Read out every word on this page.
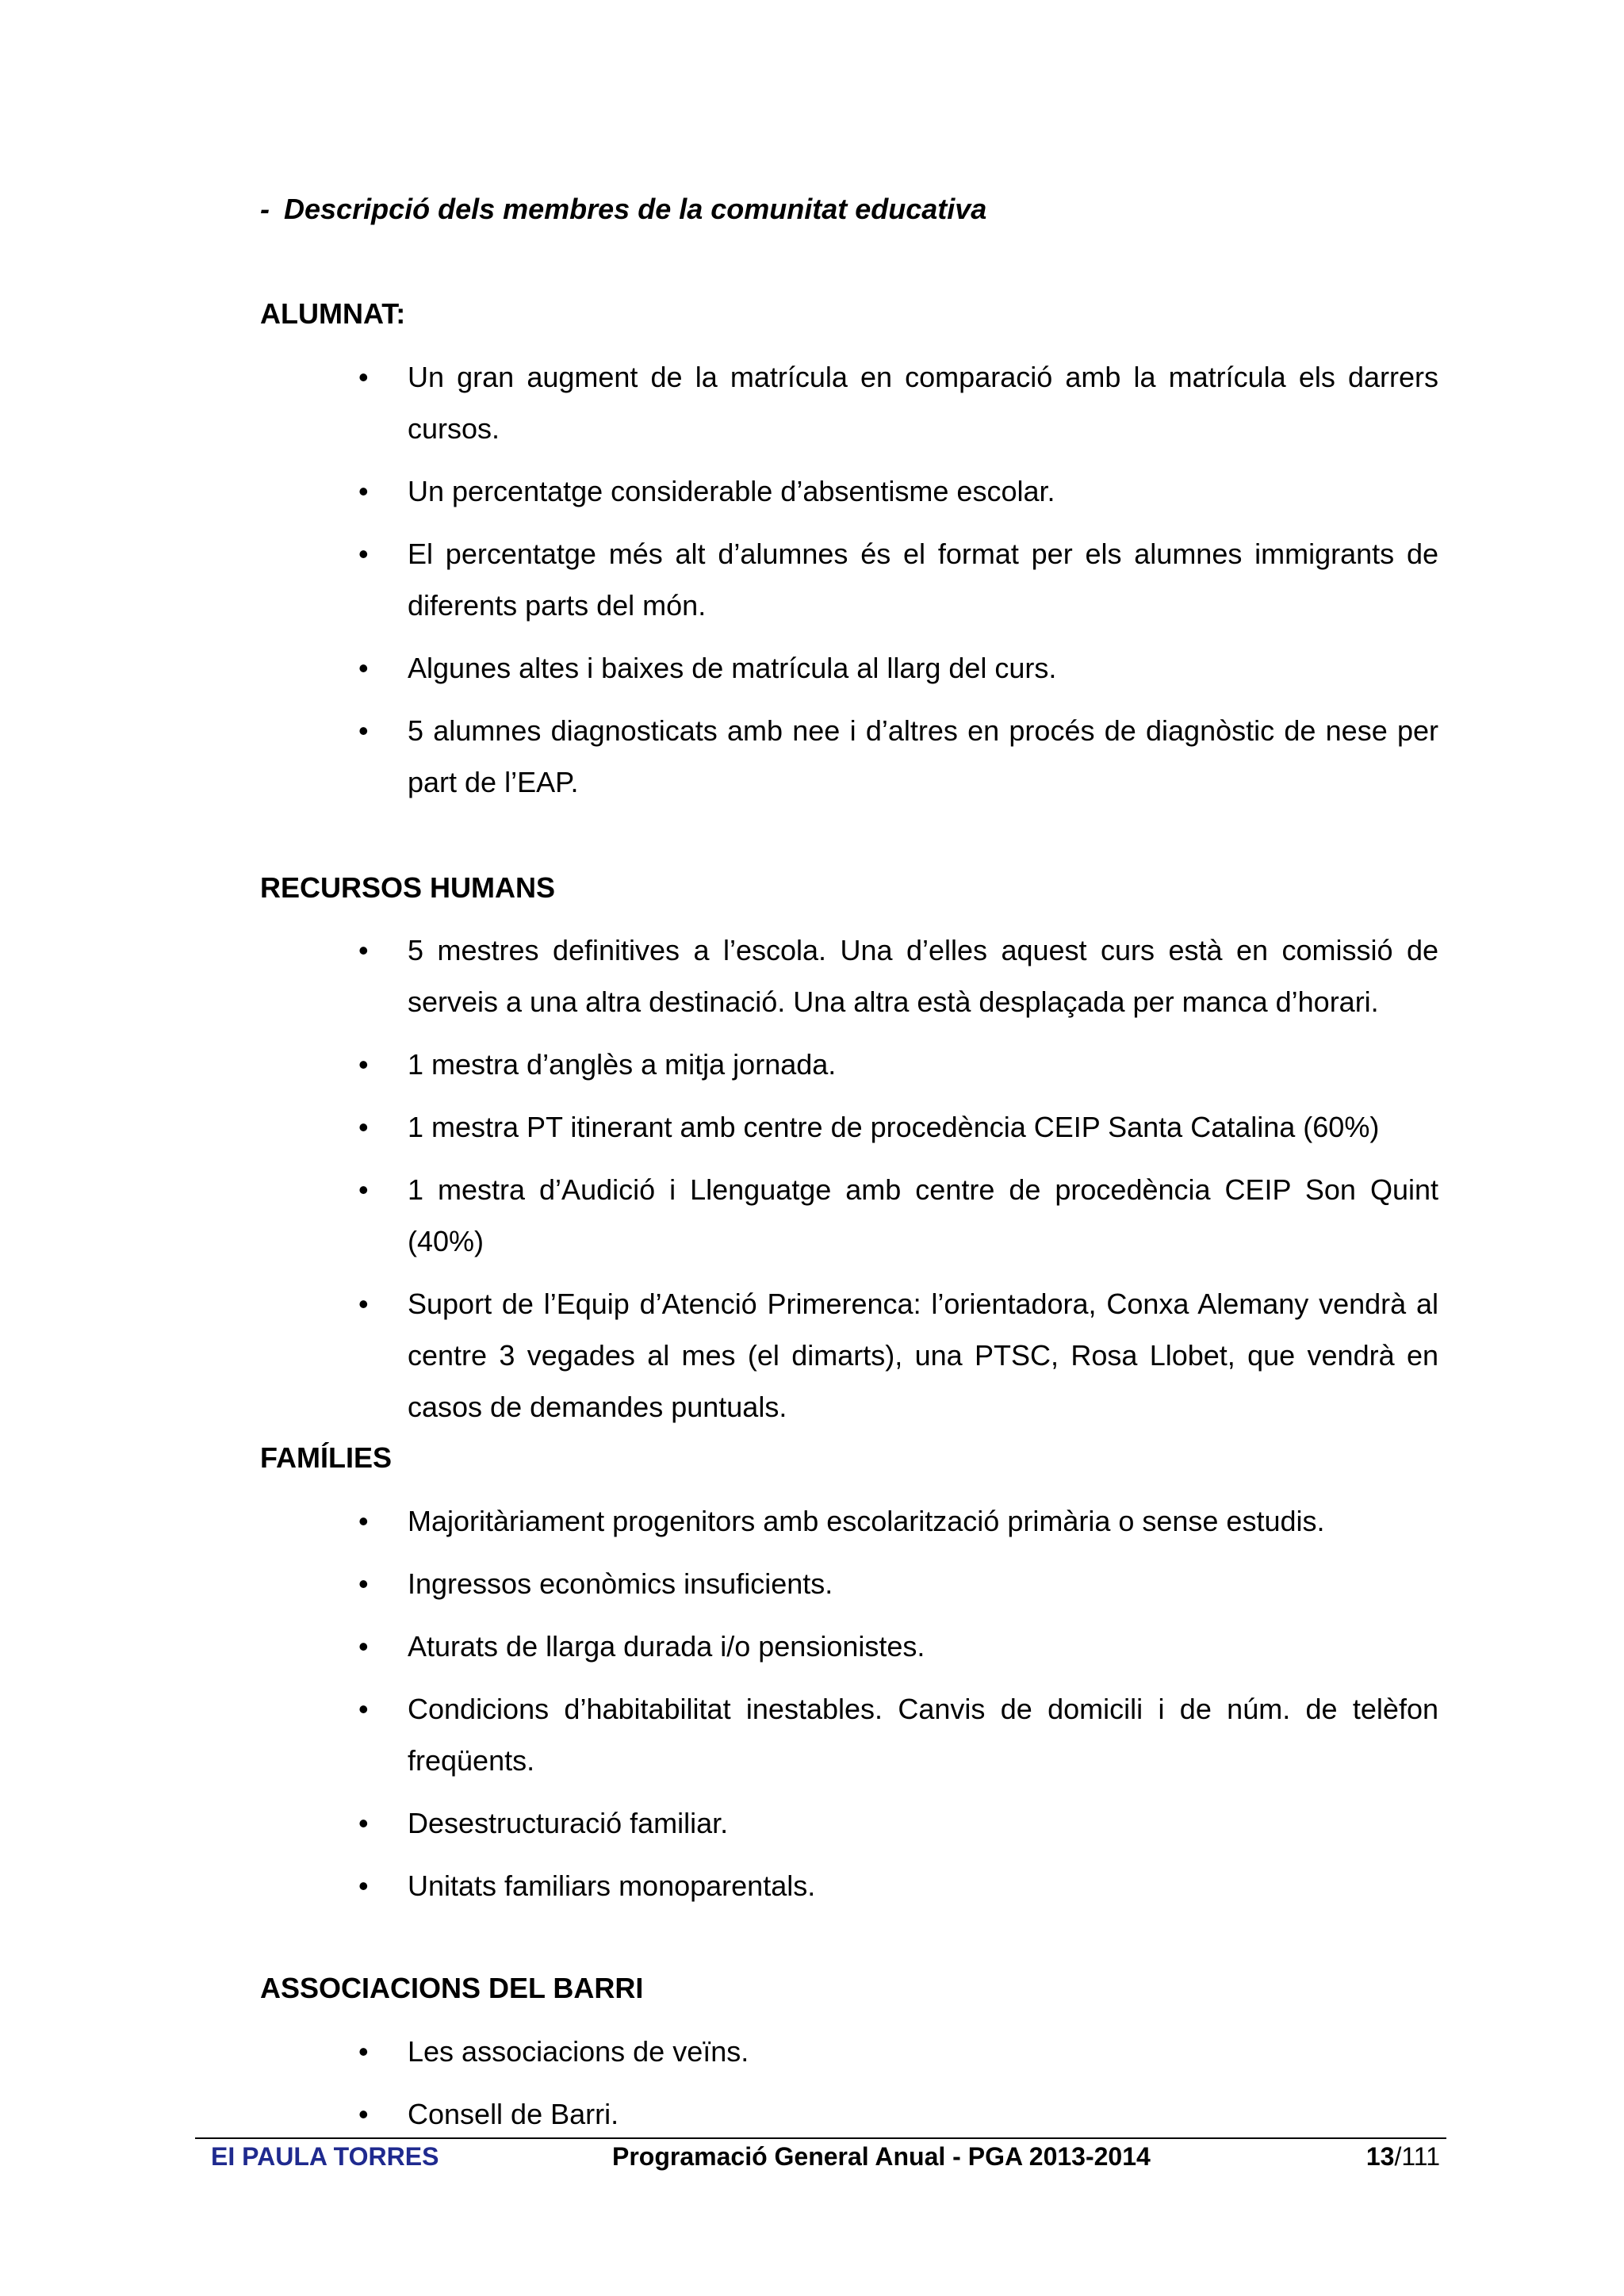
- Descripció dels membres de la comunitat educativa

ALUMNAT:
• Un gran augment de la matrícula en comparació amb la matrícula els darrers cursos.
• Un percentatge considerable d’absentisme escolar.
• El percentatge més alt d’alumnes és el format per els alumnes immigrants de diferents parts del món.
• Algunes altes i baixes de matrícula al llarg del curs.
• 5 alumnes diagnosticats amb nee i d’altres en procés de diagnòstic de nese per part de l’EAP.
RECURSOS HUMANS
• 5 mestres definitives a l’escola. Una d’elles aquest curs està en comissió de serveis a una altra destinació. Una altra està desplaçada per manca d’horari.
• 1 mestra d’anglès a mitja jornada.
• 1 mestra PT itinerant amb centre de procedència CEIP Santa Catalina (60%)
• 1 mestra d’Audició i Llenguatge amb centre de procedència CEIP Son Quint (40%)
• Suport de l’Equip d’Atenció Primerenca: l’orientadora, Conxa Alemany vendrà al centre 3 vegades al mes (el dimarts), una PTSC, Rosa Llobet, que vendrà en casos de demandes puntuals.
FAMÍLIES
• Majoritàriament progenitors amb escolarització primària o sense estudis.
• Ingressos econòmics insuficients.
• Aturats de llarga durada i/o pensionistes.
• Condicions d’habitabilitat inestables. Canvis de domicili i de núm. de telèfon freqüents.
• Desestructuració familiar.
• Unitats familiars monoparentals.
ASSOCIACIONS DEL BARRI
• Les associacions de veïns.
• Consell de Barri.
EI PAULA TORRES	Programació General Anual - PGA 2013-2014	13/111
